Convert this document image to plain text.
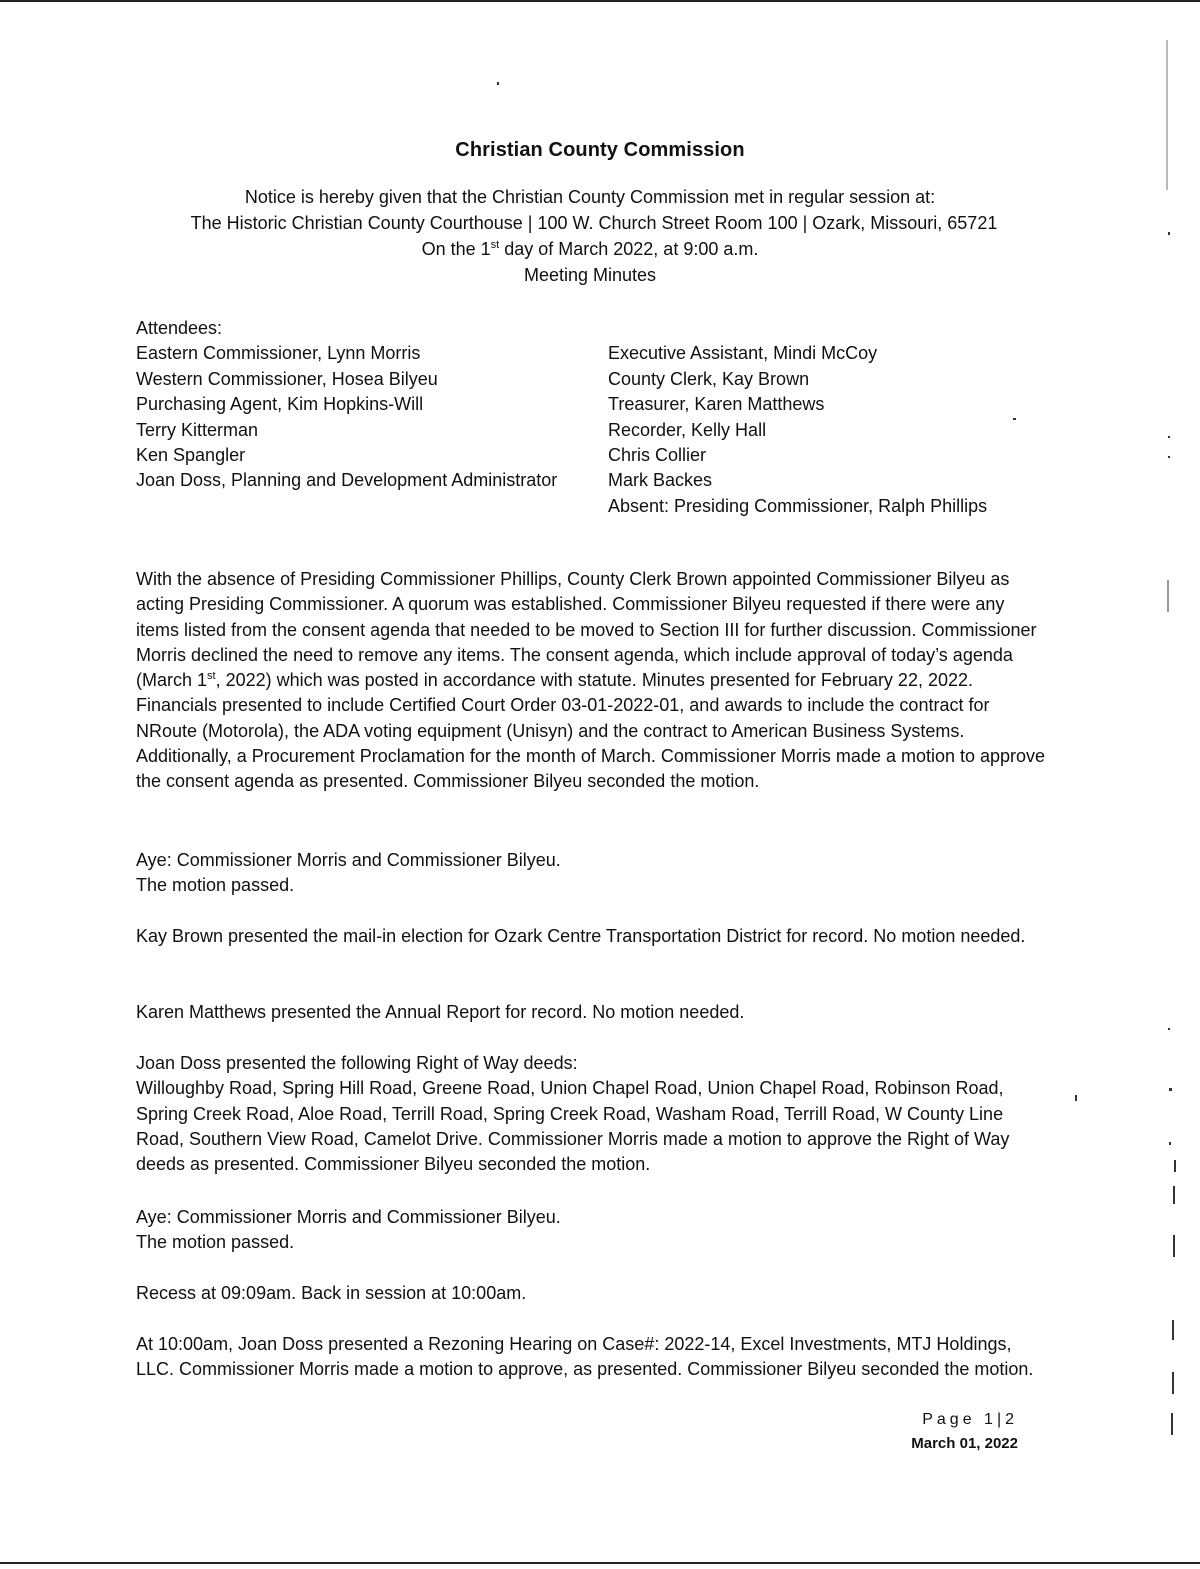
Christian County Commission
Notice is hereby given that the Christian County Commission met in regular session at:
The Historic Christian County Courthouse | 100 W. Church Street Room 100 | Ozark, Missouri, 65721
On the 1st day of March 2022, at 9:00 a.m.
Meeting Minutes
Attendees:
Eastern Commissioner, Lynn Morris
Western Commissioner, Hosea Bilyeu
Purchasing Agent, Kim Hopkins-Will
Terry Kitterman
Ken Spangler
Joan Doss, Planning and Development Administrator
Executive Assistant, Mindi McCoy
County Clerk, Kay Brown
Treasurer, Karen Matthews
Recorder, Kelly Hall
Chris Collier
Mark Backes
Absent: Presiding Commissioner, Ralph Phillips

With the absence of Presiding Commissioner Phillips, County Clerk Brown appointed Commissioner Bilyeu as acting Presiding Commissioner. A quorum was established. Commissioner Bilyeu requested if there were any items listed from the consent agenda that needed to be moved to Section III for further discussion. Commissioner Morris declined the need to remove any items. The consent agenda, which include approval of today’s agenda (March 1st, 2022) which was posted in accordance with statute. Minutes presented for February 22, 2022. Financials presented to include Certified Court Order 03-01-2022-01, and awards to include the contract for NRoute (Motorola), the ADA voting equipment (Unisyn) and the contract to American Business Systems. Additionally, a Procurement Proclamation for the month of March. Commissioner Morris made a motion to approve the consent agenda as presented. Commissioner Bilyeu seconded the motion.

Aye: Commissioner Morris and Commissioner Bilyeu.
The motion passed.

Kay Brown presented the mail-in election for Ozark Centre Transportation District for record. No motion needed.

Karen Matthews presented the Annual Report for record. No motion needed.

Joan Doss presented the following Right of Way deeds:
Willoughby Road, Spring Hill Road, Greene Road, Union Chapel Road, Union Chapel Road, Robinson Road, Spring Creek Road, Aloe Road, Terrill Road, Spring Creek Road, Washam Road, Terrill Road, W County Line Road, Southern View Road, Camelot Drive. Commissioner Morris made a motion to approve the Right of Way deeds as presented. Commissioner Bilyeu seconded the motion.
Aye: Commissioner Morris and Commissioner Bilyeu.
The motion passed.

Recess at 09:09am. Back in session at 10:00am.

At 10:00am, Joan Doss presented a Rezoning Hearing on Case#: 2022-14, Excel Investments, MTJ Holdings, LLC. Commissioner Morris made a motion to approve, as presented. Commissioner Bilyeu seconded the motion.

Page 1|2
March 01, 2022
